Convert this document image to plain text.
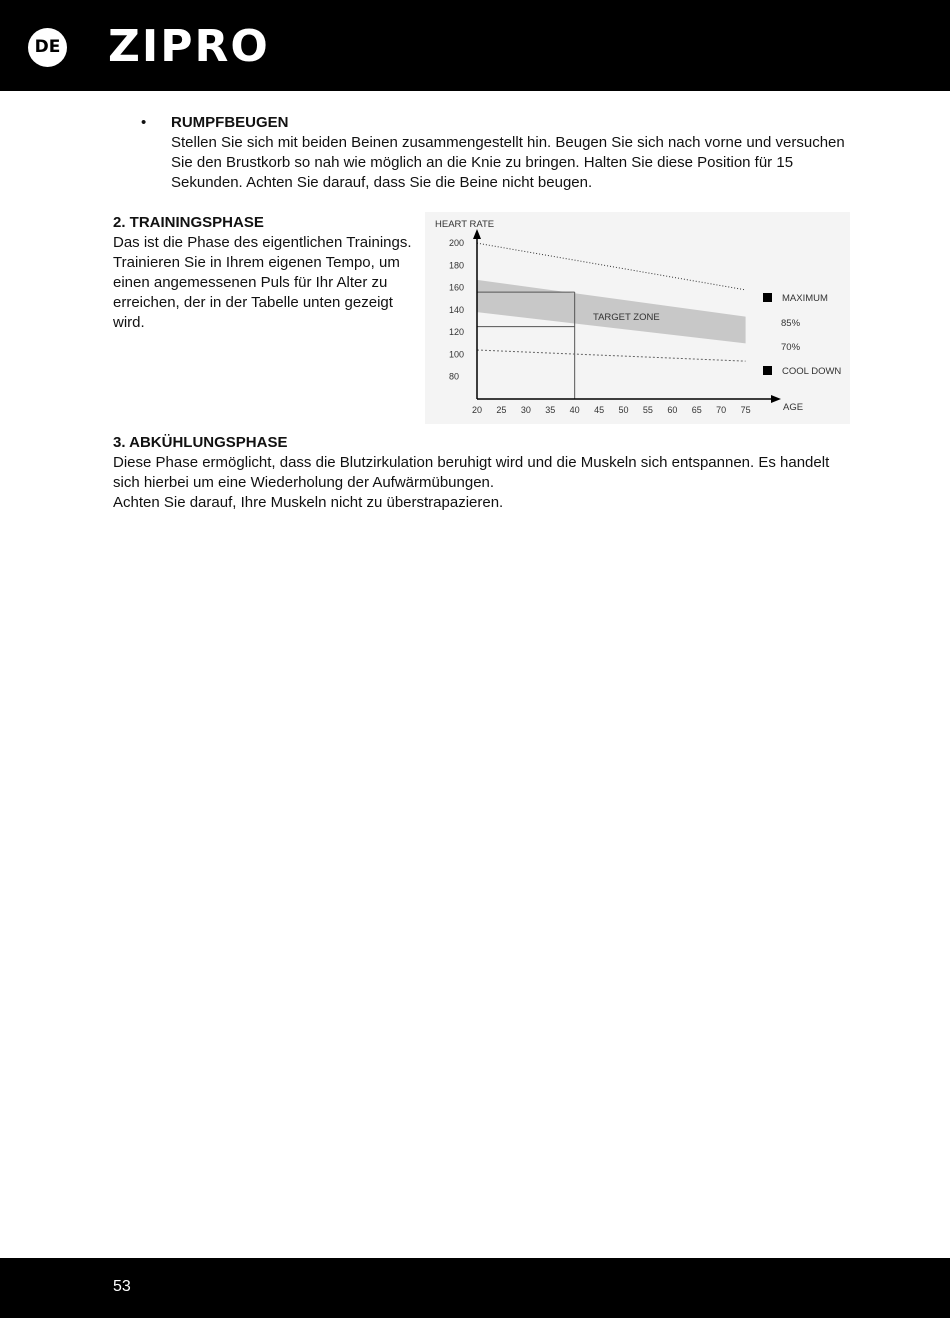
DE ZIPRO
• RUMPFBEUGEN
Stellen Sie sich mit beiden Beinen zusammengestellt hin. Beugen Sie sich nach vorne und versuchen
Sie den Brustkorb so nah wie möglich an die Knie zu bringen. Halten Sie diese Position für 15
Sekunden. Achten Sie darauf, dass Sie die Beine nicht beugen.
2. TRAININGSPHASE
Das ist die Phase des eigentlichen Trainings.
Trainieren Sie in Ihrem eigenen Tempo, um
einen angemessenen Puls für Ihr Alter zu
erreichen, der in der Tabelle unten gezeigt
wird.
HEART RATE
AGE
200
180
160
140
120
100
80
20 25 30 35 40 45 50 55 60 65 70 75
TARGET ZONE
MAXIMUM
85%
70%
COOL DOWN
3. ABKÜHLUNGSPHASE
Diese Phase ermöglicht, dass die Blutzirkulation beruhigt wird und die Muskeln sich entspannen. Es handelt
sich hierbei um eine Wiederholung der Aufwärmübungen.
Achten Sie darauf, Ihre Muskeln nicht zu überstrapazieren.
53
